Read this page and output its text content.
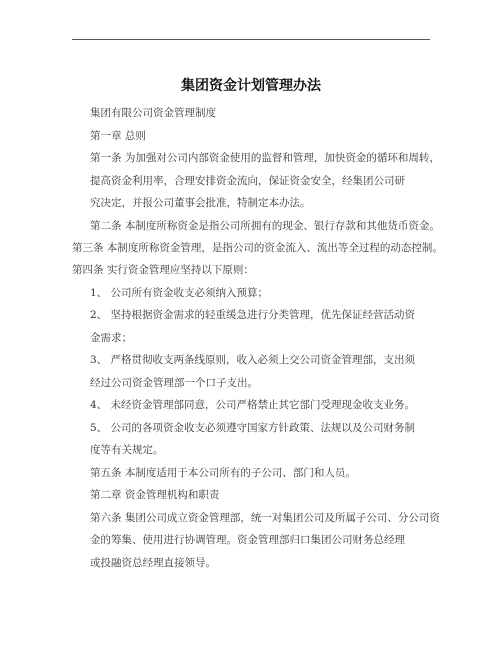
集团资金计划管理办法
集团有限公司资金管理制度
第一章 总则
第一条 为加强对公司内部资金使用的监督和管理，加快资金的循环和周转，
提高资金利用率，合理安排资金流向，保证资金安全，经集团公司研
究决定，并报公司董事会批准，特制定本办法。
第二条 本制度所称资金是指公司所拥有的现金、银行存款和其他货币资金。
第三条 本制度所称资金管理，是指公司的资金流入、流出等全过程的动态控制。
第四条 实行资金管理应坚持以下原则：
1、 公司所有资金收支必须纳入预算；
2、 坚持根据资金需求的轻重缓急进行分类管理，优先保证经营活动资
金需求；
3、 严格贯彻收支两条线原则，收入必须上交公司资金管理部，支出须
经过公司资金管理部一个口子支出。
4、 未经资金管理部同意，公司严格禁止其它部门受理现金收支业务。
5、 公司的各项资金收支必须遵守国家方针政策、法规以及公司财务制
度等有关规定。
第五条 本制度适用于本公司所有的子公司、部门和人员。
第二章 资金管理机构和职责
第六条 集团公司成立资金管理部，统一对集团公司及所属子公司、分公司资
金的筹集、使用进行协调管理。资金管理部归口集团公司财务总经理
或投融资总经理直接领导。
